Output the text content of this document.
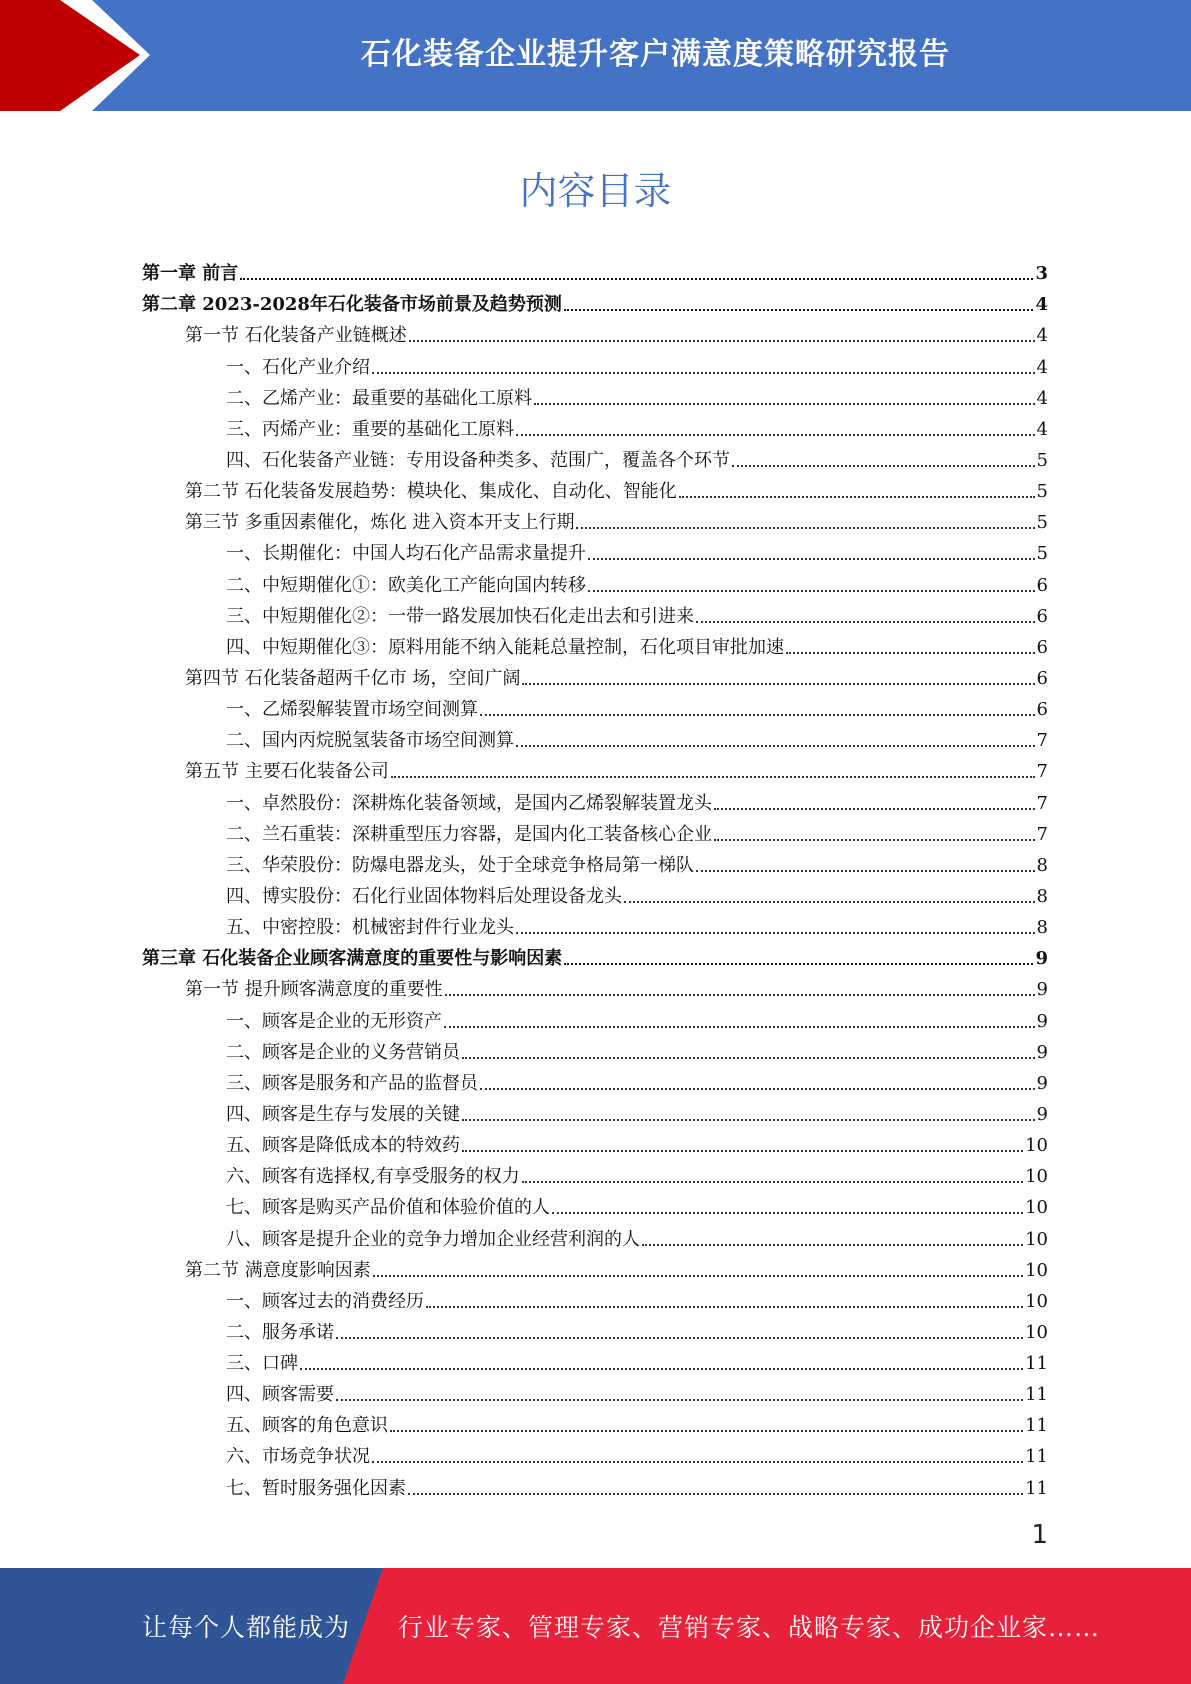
石化装备企业提升客户满意度策略研究报告
内容目录
第一章 前言	3
第二章 2023-2028年石化装备市场前景及趋势预测	4
第一节 石化装备产业链概述	4
一、石化产业介绍	4
二、乙烯产业：最重要的基础化工原料	4
三、丙烯产业：重要的基础化工原料	4
四、石化装备产业链：专用设备种类多、范围广，覆盖各个环节	5
第二节 石化装备发展趋势：模块化、集成化、自动化、智能化	5
第三节 多重因素催化，炼化 进入资本开支上行期	5
一、长期催化：中国人均石化产品需求量提升	5
二、中短期催化①：欧美化工产能向国内转移	6
三、中短期催化②：一带一路发展加快石化走出去和引进来	6
四、中短期催化③：原料用能不纳入能耗总量控制，石化项目审批加速	6
第四节 石化装备超两千亿市 场，空间广阔	6
一、乙烯裂解装置市场空间测算	6
二、国内丙烷脱氢装备市场空间测算	7
第五节 主要石化装备公司	7
一、卓然股份：深耕炼化装备领域，是国内乙烯裂解装置龙头	7
二、兰石重装：深耕重型压力容器，是国内化工装备核心企业	7
三、华荣股份：防爆电器龙头，处于全球竞争格局第一梯队	8
四、博实股份：石化行业固体物料后处理设备龙头	8
五、中密控股：机械密封件行业龙头	8
第三章 石化装备企业顾客满意度的重要性与影响因素	9
第一节 提升顾客满意度的重要性	9
一、顾客是企业的无形资产	9
二、顾客是企业的义务营销员	9
三、顾客是服务和产品的监督员	9
四、顾客是生存与发展的关键	9
五、顾客是降低成本的特效药	10
六、顾客有选择权,有享受服务的权力	10
七、顾客是购买产品价值和体验价值的人	10
八、顾客是提升企业的竞争力增加企业经营利润的人	10
第二节 满意度影响因素	10
一、顾客过去的消费经历	10
二、服务承诺	10
三、口碑	11
四、顾客需要	11
五、顾客的角色意识	11
六、市场竞争状况	11
七、暂时服务强化因素	11
1
让每个人都能成为 行业专家、管理专家、营销专家、战略专家、成功企业家……
